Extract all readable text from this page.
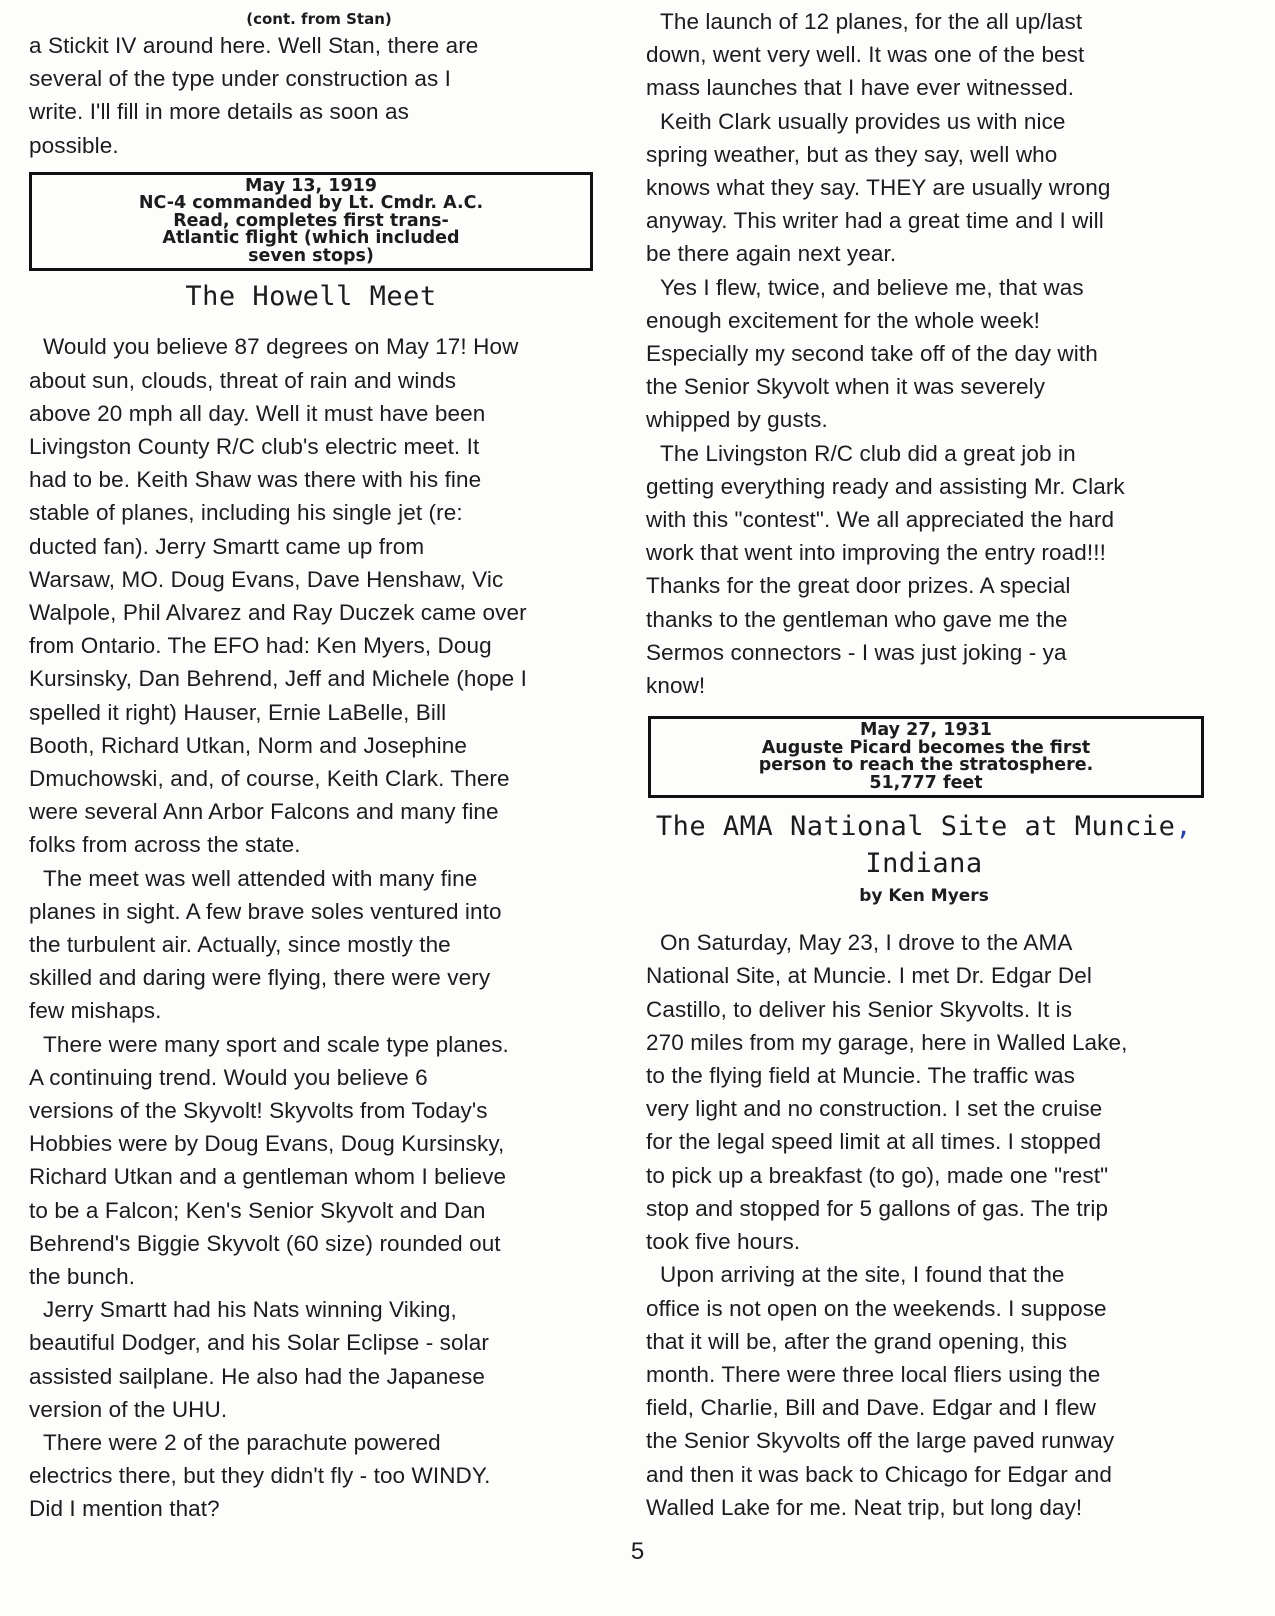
(cont. from Stan)

a Stickit IV around here. Well Stan, there are
several of the type under construction as I
write. I'll fill in more details as soon as
possible.

May 13, 1919
NC-4 commanded by Lt. Cmdr. A.C.
Read, completes first trans-
Atlantic flight (which included
seven stops)
The Howell Meet

Would you believe 87 degrees on May 17! How
about sun, clouds, threat of rain and winds
above 20 mph all day. Well it must have been
Livingston County R/C club's electric meet. It
had to be. Keith Shaw was there with his fine
stable of planes, including his single jet (re:
ducted fan). Jerry Smartt came up from
Warsaw, MO. Doug Evans, Dave Henshaw, Vic
Walpole, Phil Alvarez and Ray Duczek came over
from Ontario. The EFO had: Ken Myers, Doug
Kursinsky, Dan Behrend, Jeff and Michele (hope I
spelled it right) Hauser, Ernie LaBelle, Bill
Booth, Richard Utkan, Norm and Josephine
Dmuchowski, and, of course, Keith Clark. There
were several Ann Arbor Falcons and many fine
folks from across the state.

The meet was well attended with many fine
planes in sight. A few brave soles ventured into
the turbulent air. Actually, since mostly the
skilled and daring were flying, there were very
few mishaps.

There were many sport and scale type planes.
A continuing trend. Would you believe 6
versions of the Skyvolt! Skyvolts from Today's
Hobbies were by Doug Evans, Doug Kursinsky,
Richard Utkan and a gentleman whom I believe
to be a Falcon; Ken's Senior Skyvolt and Dan
Behrend's Biggie Skyvolt (60 size) rounded out
the bunch.

Jerry Smartt had his Nats winning Viking,
beautiful Dodger, and his Solar Eclipse - solar
assisted sailplane. He also had the Japanese
version of the UHU.

There were 2 of the parachute powered
electrics there, but they didn't fly - too WINDY.
Did I mention that?

The launch of 12 planes, for the all up/last
down, went very well. It was one of the best
mass launches that I have ever witnessed.

Keith Clark usually provides us with nice
spring weather, but as they say, well who
knows what they say. THEY are usually wrong
anyway. This writer had a great time and I will
be there again next year.

Yes I flew, twice, and believe me, that was
enough excitement for the whole week!
Especially my second take off of the day with
the Senior Skyvolt when it was severely
whipped by gusts.

The Livingston R/C club did a great job in
getting everything ready and assisting Mr. Clark
with this "contest". We all appreciated the hard
work that went into improving the entry road!!!
Thanks for the great door prizes. A special
thanks to the gentleman who gave me the
Sermos connectors - I was just joking - ya
know!

May 27, 1931
Auguste Picard becomes the first
person to reach the stratosphere.
51,777 feet
The AMA National Site at Muncie,
Indiana
by Ken Myers

On Saturday, May 23, I drove to the AMA
National Site, at Muncie. I met Dr. Edgar Del
Castillo, to deliver his Senior Skyvolts. It is
270 miles from my garage, here in Walled Lake,
to the flying field at Muncie. The traffic was
very light and no construction. I set the cruise
for the legal speed limit at all times. I stopped
to pick up a breakfast (to go), made one "rest"
stop and stopped for 5 gallons of gas. The trip
took five hours.

Upon arriving at the site, I found that the
office is not open on the weekends. I suppose
that it will be, after the grand opening, this
month. There were three local fliers using the
field, Charlie, Bill and Dave. Edgar and I flew
the Senior Skyvolts off the large paved runway
and then it was back to Chicago for Edgar and
Walled Lake for me. Neat trip, but long day!

5
